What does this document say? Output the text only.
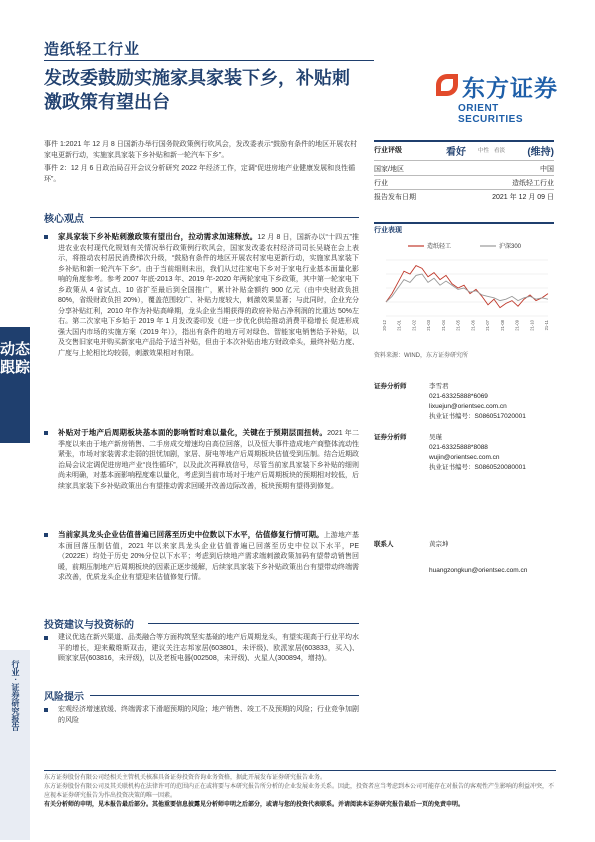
造纸轻工行业
发改委鼓励实施家具家装下乡，补贴刺
激政策有望出台
东方证券
ORIENT SECURITIES

事件 1:2021 年 12 月 8 日国新办举行国务院政策例行吹风会，发改委表示“鼓励有条件的地区开展农村家电更新行动，实施家具家装下乡补贴和新一轮汽车下乡”。

事件 2：12 月 6 日政治局召开会议分析研究 2022 年经济工作，定调“促进房地产业健康发展和良性循环”。

核心观点
家具家装下乡补贴刺激政策有望出台，拉动需求加速释放。12 月 8 日，国新办以“十四五”推进农业农村现代化规划有关情况举行政策例行吹风会，国家发改委农村经济司司长吴晓在会上表示，将推动农村居民消费梯次升级，“鼓励有条件的地区开展农村家电更新行动，实施家具家装下乡补贴和新一轮汽车下乡”。由于当前细则未出，我们从过往家电下乡对于家电行业基本面量化影响的角度参考。参考 2007 年底-2013 年、2019 年-2020 年两轮家电下乡政策，其中第一轮家电下乡政策从 4 省试点、10 省扩至最后到全国推广，累计补贴金额约 900 亿元（由中央财政负担 80%，省级财政负担 20%），覆盖范围较广、补贴力度较大，刺激效果显著；与此同时，企业充分分享补贴红利，2010 年作为补贴高峰期，龙头企业当期获得的政府补贴占净利润的比重达 50%左右。第二次家电下乡始于 2019 年 1 月发改委印发《进一步优化供给推动消费平稳增长 促进形成强大国内市场的实施方案（2019 年）》，指出有条件的地方可对绿色、智能家电销售给予补贴，以及交售旧家电并购买新家电产品给予适当补贴，但由于本次补贴由地方财政牵头，最终补贴力度、广度与上轮相比均较弱，刺激效果相对有限。
补贴对于地产后周期板块基本面的影响暂时难以量化，关键在于预期层面扭转。2021 年二季度以来由于地产新房销售、二手房成交增速均自高位回落，以及恒大事件造成地产商整体流动性紧张，市场对家装需求走弱的担忧加剧，家居、厨电等地产后周期板块估值受到压制。结合近期政治局会议定调促进房地产业“良性循环”，以及此次再释放信号，尽管当前家具家装下乡补贴的细则尚未明确，对基本面影响程度难以量化，考虑到当前市场对于地产后周期板块的预期相对较低，后续家具家装下乡补贴政策出台有望推动需求回暖并改善边际改善，板块预期有望得到修复。
当前家具龙头企业估值普遍已回落至历史中位数以下水平，估值修复行情可期。上游地产基本面回落压制估值，2021 年以来家具龙头企业估值普遍已回落至历史中位以下水平，PE（2022E）均处于历史 20%分位以下水平；考虑到后续地产需求端刺激政策加码有望带动销售回暖，前期压制地产后周期板块的因素正逐步缓解，后续家具家装下乡补贴政策出台有望带动终端需求改善，优质龙头企业有望迎来估值修复行情。
投资建议与投资标的
建议优选在新兴渠道、品类融合等方面构筑坚实基础的地产后周期龙头，有望实现高于行业平均水平的增长，迎来戴维斯双击，建议关注志邦家居(603801，未评级)、欧派家居(603833，买入)、顾家家居(603816，未评级)，以及老板电器(002508，未评级)、火星人(300894，增持)。
风险提示
宏观经济增速放缓、终端需求下滑超预期的风险；地产销售、竣工不及预期的风险；行业竞争加剧的风险
动态
跟踪
行业 · 证券研究报告
行业评级	看好 中性 看淡 (维持)
国家/地区	中国
行业	造纸轻工行业
报告发布日期	2021 年 12 月 09 日
行业表现
20-12 21-01 21-02 21-03 21-04 21-05 21-06 21-07 21-08 21-09 21-10 21-11
造纸轻工	沪深300
资料来源：WIND，东方证券研究所
证券分析师	李雪君
021-63325888*6069
lixuejun@orientsec.com.cn
执业证书编号：S0860517020001
证券分析师	吴瑾
021-63325888*8088
wujin@orientsec.com.cn
执业证书编号：S0860520080001
联系人	黄宗坤
huangzongkun@orientsec.com.cn
东方证券股份有限公司经相关主管机关核准具备证券投资咨询业务资格，据此开展发布证券研究报告业务。
东方证券股份有限公司及其关联机构在法律许可的范围内正在或将要与本研究报告所分析的企业发展业务关系。因此，投资者应当考虑到本公司可能存在对报告的客观性产生影响的利益冲突，不应视本证券研究报告为作出投资决策的唯一因素。
有关分析师的申明，见本报告最后部分。其他重要信息披露见分析师申明之后部分，或请与您的投资代表联系。并请阅读本证券研究报告最后一页的免责申明。
